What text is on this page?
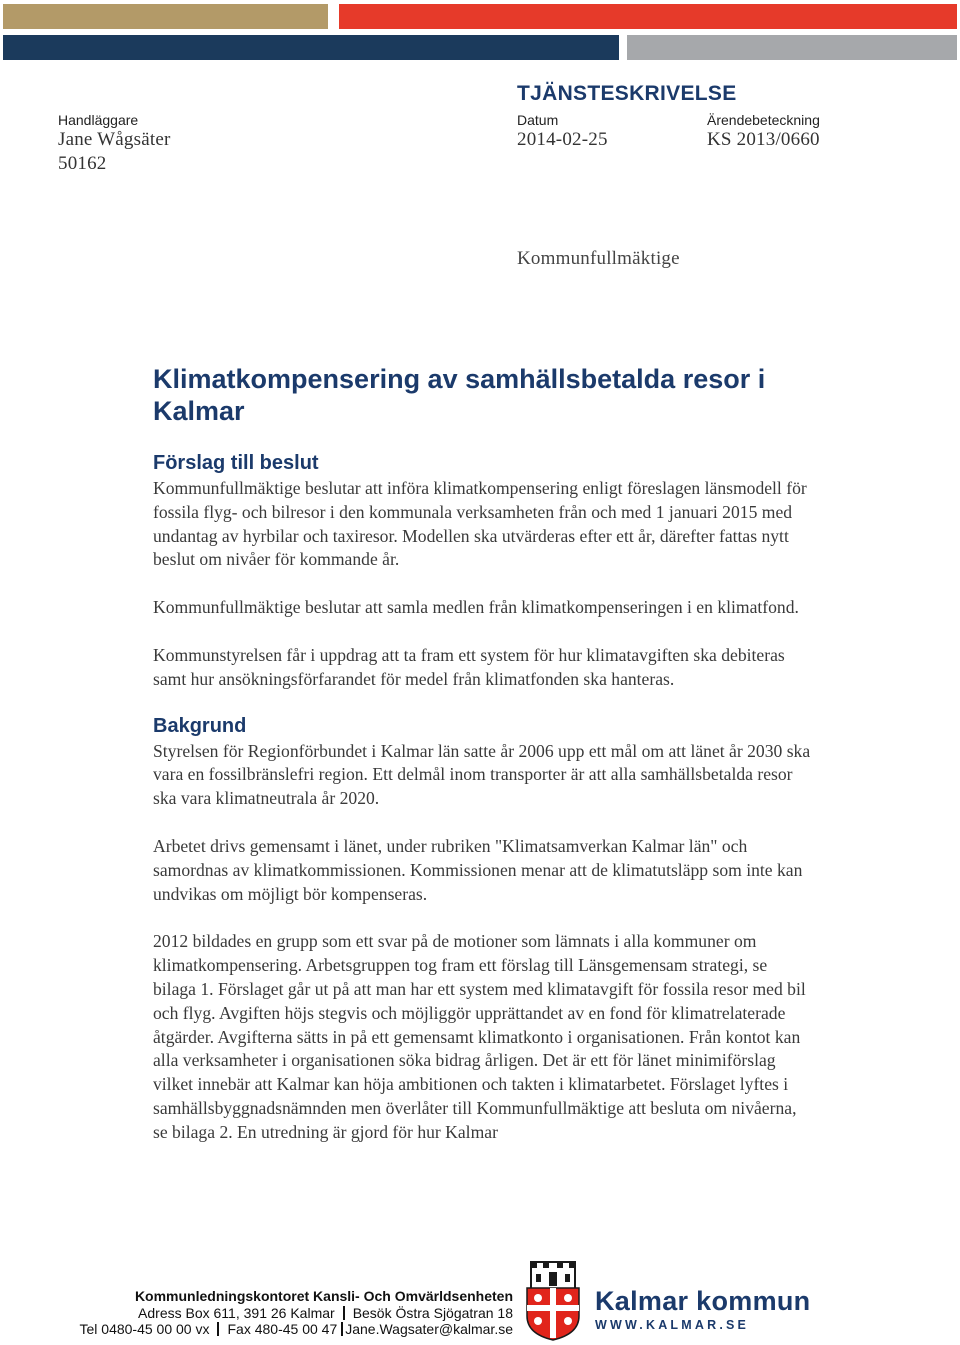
TJÄNSTESKRIVELSE
Handläggare
Jane Wågsäter
50162
Datum
2014-02-25
Ärendebeteckning
KS 2013/0660
Kommunfullmäktige
Klimatkompensering av samhällsbetalda resor i Kalmar
Förslag till beslut

Kommunfullmäktige beslutar att införa klimatkompensering enligt föreslagen länsmodell för fossila flyg- och bilresor i den kommunala verksamheten från och med 1 januari 2015 med undantag av hyrbilar och taxiresor. Modellen ska utvärderas efter ett år, därefter fattas nytt beslut om nivåer för kommande år.

Kommunfullmäktige beslutar att samla medlen från klimatkompenseringen i en klimatfond.

Kommunstyrelsen får i uppdrag att ta fram ett system för hur klimatavgiften ska debiteras samt hur ansökningsförfarandet för medel från klimatfonden ska hanteras.

Bakgrund

Styrelsen för Regionförbundet i Kalmar län satte år 2006 upp ett mål om att länet år 2030 ska vara en fossilbränslefri region. Ett delmål inom transporter är att alla samhällsbetalda resor ska vara klimatneutrala år 2020.

Arbetet drivs gemensamt i länet, under rubriken "Klimatsamverkan Kalmar län" och samordnas av klimatkommissionen. Kommissionen menar att de klimatutsläpp som inte kan undvikas om möjligt bör kompenseras.

2012 bildades en grupp som ett svar på de motioner som lämnats i alla kommuner om klimatkompensering. Arbetsgruppen tog fram ett förslag till Länsgemensam strategi, se bilaga 1. Förslaget går ut på att man har ett system med klimatavgift för fossila resor med bil och flyg. Avgiften höjs stegvis och möjliggör upprättandet av en fond för klimatrelaterade åtgärder. Avgifterna sätts in på ett gemensamt klimatkonto i organisationen. Från kontot kan alla verksamheter i organisationen söka bidrag årligen. Det är ett för länet minimiförslag vilket innebär att Kalmar kan höja ambitionen och takten i klimatarbetet. Förslaget lyftes i samhällsbyggnadsnämnden men överlåter till Kommunfullmäktige att besluta om nivåerna, se bilaga 2. En utredning är gjord för hur Kalmar

Kommunledningskontoret Kansli- Och Omvärldsenheten
Adress Box 611, 391 26 Kalmar Besök Östra Sjögatran 18
Tel 0480-45 00 00 vx Fax 480-45 00 47 Jane.Wagsater@kalmar.se
Kalmar kommun
WWW.KALMAR.SE
